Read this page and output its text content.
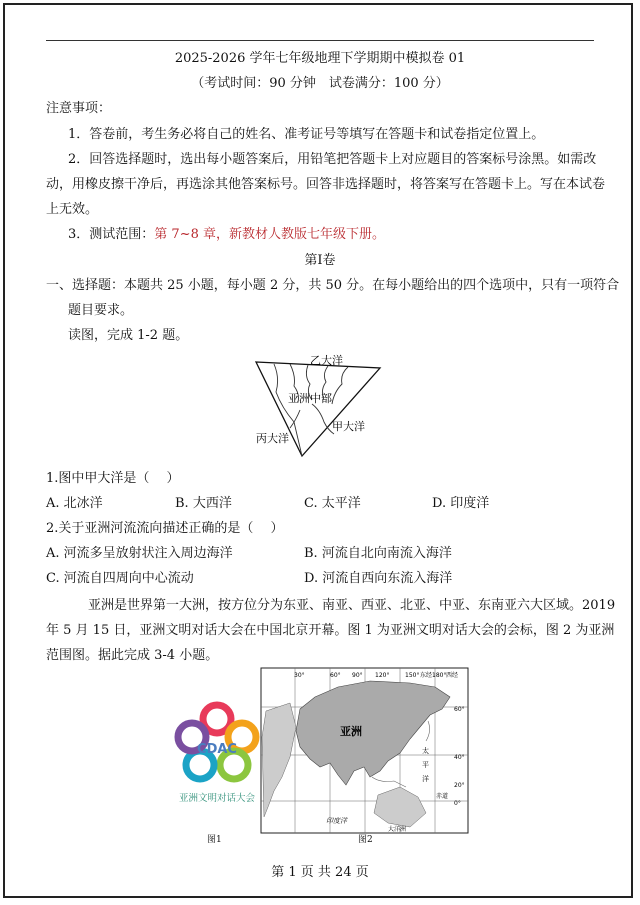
2025-2026 学年七年级地理下学期期中模拟卷 01
（考试时间：90 分钟　试卷满分：100 分）
注意事项：
1．答卷前，考生务必将自己的姓名、准考证号等填写在答题卡和试卷指定位置上。
2．回答选择题时，选出每小题答案后，用铅笔把答题卡上对应题目的答案标号涂黑。如需改
动，用橡皮擦干净后，再选涂其他答案标号。回答非选择题时，将答案写在答题卡上。写在本试卷
上无效。
3．测试范围：第 7~8 章，新教材人教版七年级下册。
第Ⅰ卷
一、选择题：本题共 25 小题，每小题 2 分，共 50 分。在每小题给出的四个选项中，只有一项符合
题目要求。
读图，完成 1-2 题。
乙大洋
亚洲中部
甲大洋
丙大洋
1.图中甲大洋是（　 ）
A. 北冰洋	B. 大西洋	C. 太平洋	D. 印度洋
2.关于亚洲河流流向描述正确的是（　 ）
A. 河流多呈放射状注入周边海洋	B. 河流自北向南流入海洋
C. 河流自四周向中心流动	D. 河流自西向东流入海洋
亚洲是世界第一大洲，按方位分为东亚、南亚、西亚、北亚、中亚、东南亚六大区域。2019
年 5 月 15 日，亚洲文明对话大会在中国北京开幕。图 1 为亚洲文明对话大会的会标，图 2 为亚洲
范围图。据此完成 3-4 小题。
CDAC
亚洲文明对话大会
图1
30°	60° 90° 120°	150° 东经 180° 西经
60°
40°
20°
0°
亚洲
太
平
洋
印度洋
大洋洲
赤道
图2
第 1 页 共 24 页
